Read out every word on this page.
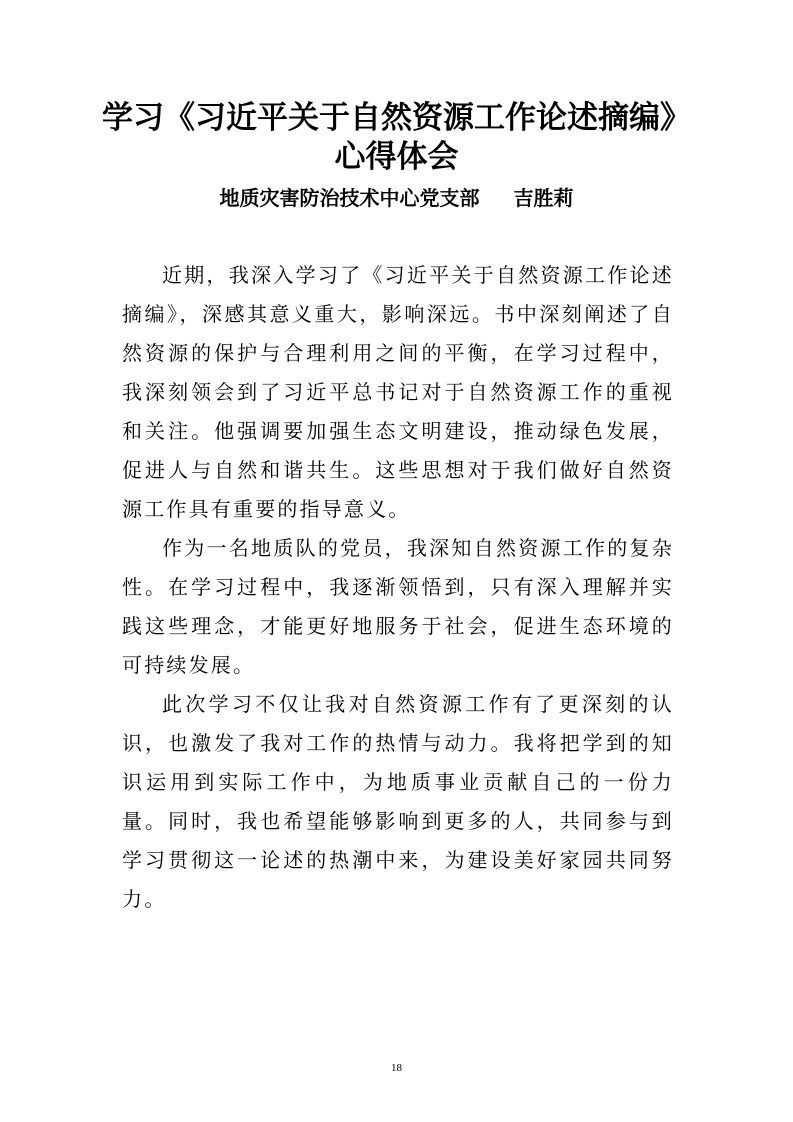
学习《习近平关于自然资源工作论述摘编》
心得体会
地质灾害防治技术中心党支部 吉胜莉

近期，我深入学习了《习近平关于自然资源工作论述摘编》，深感其意义重大，影响深远。书中深刻阐述了自然资源的保护与合理利用之间的平衡，在学习过程中，我深刻领会到了习近平总书记对于自然资源工作的重视和关注。他强调要加强生态文明建设，推动绿色发展，促进人与自然和谐共生。这些思想对于我们做好自然资源工作具有重要的指导意义。

作为一名地质队的党员，我深知自然资源工作的复杂性。在学习过程中，我逐渐领悟到，只有深入理解并实践这些理念，才能更好地服务于社会，促进生态环境的可持续发展。

此次学习不仅让我对自然资源工作有了更深刻的认识，也激发了我对工作的热情与动力。我将把学到的知识运用到实际工作中，为地质事业贡献自己的一份力量。同时，我也希望能够影响到更多的人，共同参与到学习贯彻这一论述的热潮中来，为建设美好家园共同努力。

18
